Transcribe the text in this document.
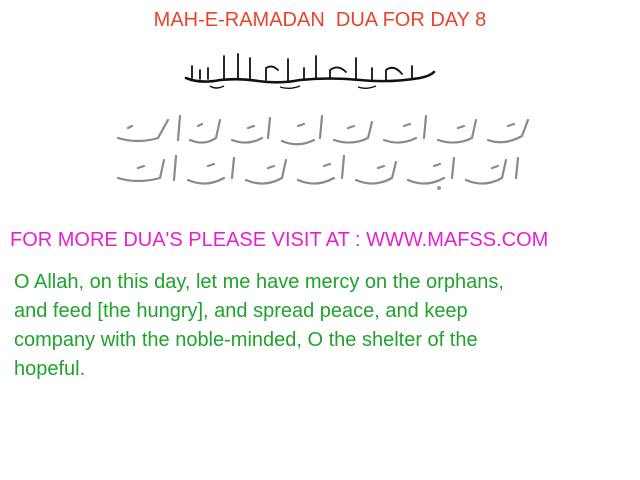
MAH-E-RAMADAN  DUA FOR DAY 8
FOR MORE DUA'S PLEASE VISIT AT : WWW.MAFSS.COM
O Allah, on this day, let me have mercy on the orphans,
and feed [the hungry], and spread peace, and keep
company with the noble-minded, O the shelter of the
hopeful.
